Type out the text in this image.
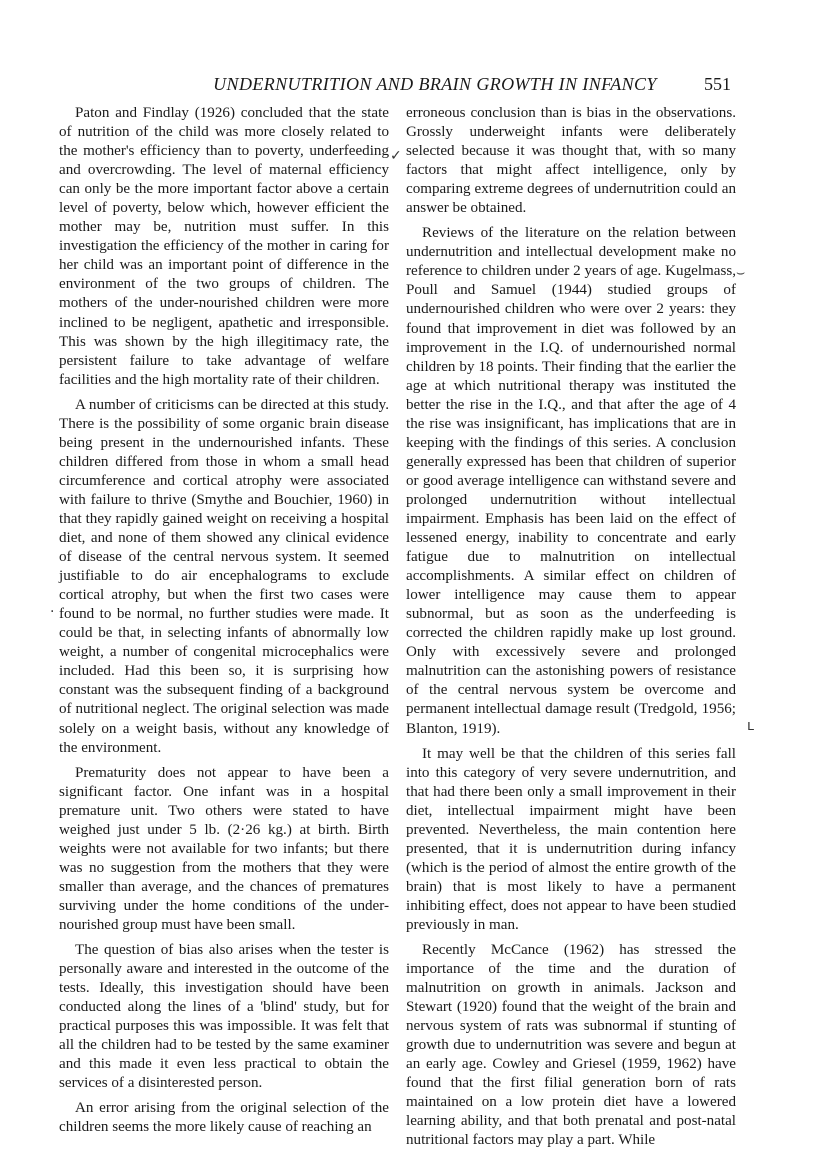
UNDERNUTRITION AND BRAIN GROWTH IN INFANCY	551

Paton and Findlay (1926) concluded that the state of nutrition of the child was more closely related to the mother's efficiency than to poverty, underfeeding and overcrowding. The level of maternal efficiency can only be the more important factor above a certain level of poverty, below which, however efficient the mother may be, nutrition must suffer. In this investigation the efficiency of the mother in caring for her child was an important point of difference in the environment of the two groups of children. The mothers of the under-nourished children were more inclined to be negligent, apathetic and irresponsible. This was shown by the high illegitimacy rate, the persistent failure to take advantage of welfare facilities and the high mortality rate of their children.

A number of criticisms can be directed at this study. There is the possibility of some organic brain disease being present in the undernourished infants. These children differed from those in whom a small head circumference and cortical atrophy were associated with failure to thrive (Smythe and Bouchier, 1960) in that they rapidly gained weight on receiving a hospital diet, and none of them showed any clinical evidence of disease of the central nervous system. It seemed justifiable to do air encephalograms to exclude cortical atrophy, but when the first two cases were found to be normal, no further studies were made. It could be that, in selecting infants of abnormally low weight, a number of congenital microcephalics were included. Had this been so, it is surprising how constant was the subsequent finding of a background of nutritional neglect. The original selection was made solely on a weight basis, without any knowledge of the environment.

Prematurity does not appear to have been a significant factor. One infant was in a hospital premature unit. Two others were stated to have weighed just under 5 lb. (2·26 kg.) at birth. Birth weights were not available for two infants; but there was no suggestion from the mothers that they were smaller than average, and the chances of prematures surviving under the home conditions of the under-nourished group must have been small.

The question of bias also arises when the tester is personally aware and interested in the outcome of the tests. Ideally, this investigation should have been conducted along the lines of a 'blind' study, but for practical purposes this was impossible. It was felt that all the children had to be tested by the same examiner and this made it even less practical to obtain the services of a disinterested person.

An error arising from the original selection of the children seems the more likely cause of reaching an

erroneous conclusion than is bias in the observations. Grossly underweight infants were deliberately selected because it was thought that, with so many factors that might affect intelligence, only by comparing extreme degrees of undernutrition could an answer be obtained.

Reviews of the literature on the relation between undernutrition and intellectual development make no reference to children under 2 years of age. Kugelmass, Poull and Samuel (1944) studied groups of undernourished children who were over 2 years: they found that improvement in diet was followed by an improvement in the I.Q. of undernourished normal children by 18 points. Their finding that the earlier the age at which nutritional therapy was instituted the better the rise in the I.Q., and that after the age of 4 the rise was insignificant, has implications that are in keeping with the findings of this series. A conclusion generally expressed has been that children of superior or good average intelligence can withstand severe and prolonged undernutrition without intellectual impairment. Emphasis has been laid on the effect of lessened energy, inability to concentrate and early fatigue due to malnutrition on intellectual accomplishments. A similar effect on children of lower intelligence may cause them to appear subnormal, but as soon as the underfeeding is corrected the children rapidly make up lost ground. Only with excessively severe and prolonged malnutrition can the astonishing powers of resistance of the central nervous system be overcome and permanent intellectual damage result (Tredgold, 1956; Blanton, 1919).

It may well be that the children of this series fall into this category of very severe undernutrition, and that had there been only a small improvement in their diet, intellectual impairment might have been prevented. Nevertheless, the main contention here presented, that it is undernutrition during infancy (which is the period of almost the entire growth of the brain) that is most likely to have a permanent inhibiting effect, does not appear to have been studied previously in man.

Recently McCance (1962) has stressed the importance of the time and the duration of malnutrition on growth in animals. Jackson and Stewart (1920) found that the weight of the brain and nervous system of rats was subnormal if stunting of growth due to undernutrition was severe and begun at an early age. Cowley and Griesel (1959, 1962) have found that the first filial generation born of rats maintained on a low protein diet have a lowered learning ability, and that both prenatal and post-natal nutritional factors may play a part. While

✓
⌣
ʟ
·
